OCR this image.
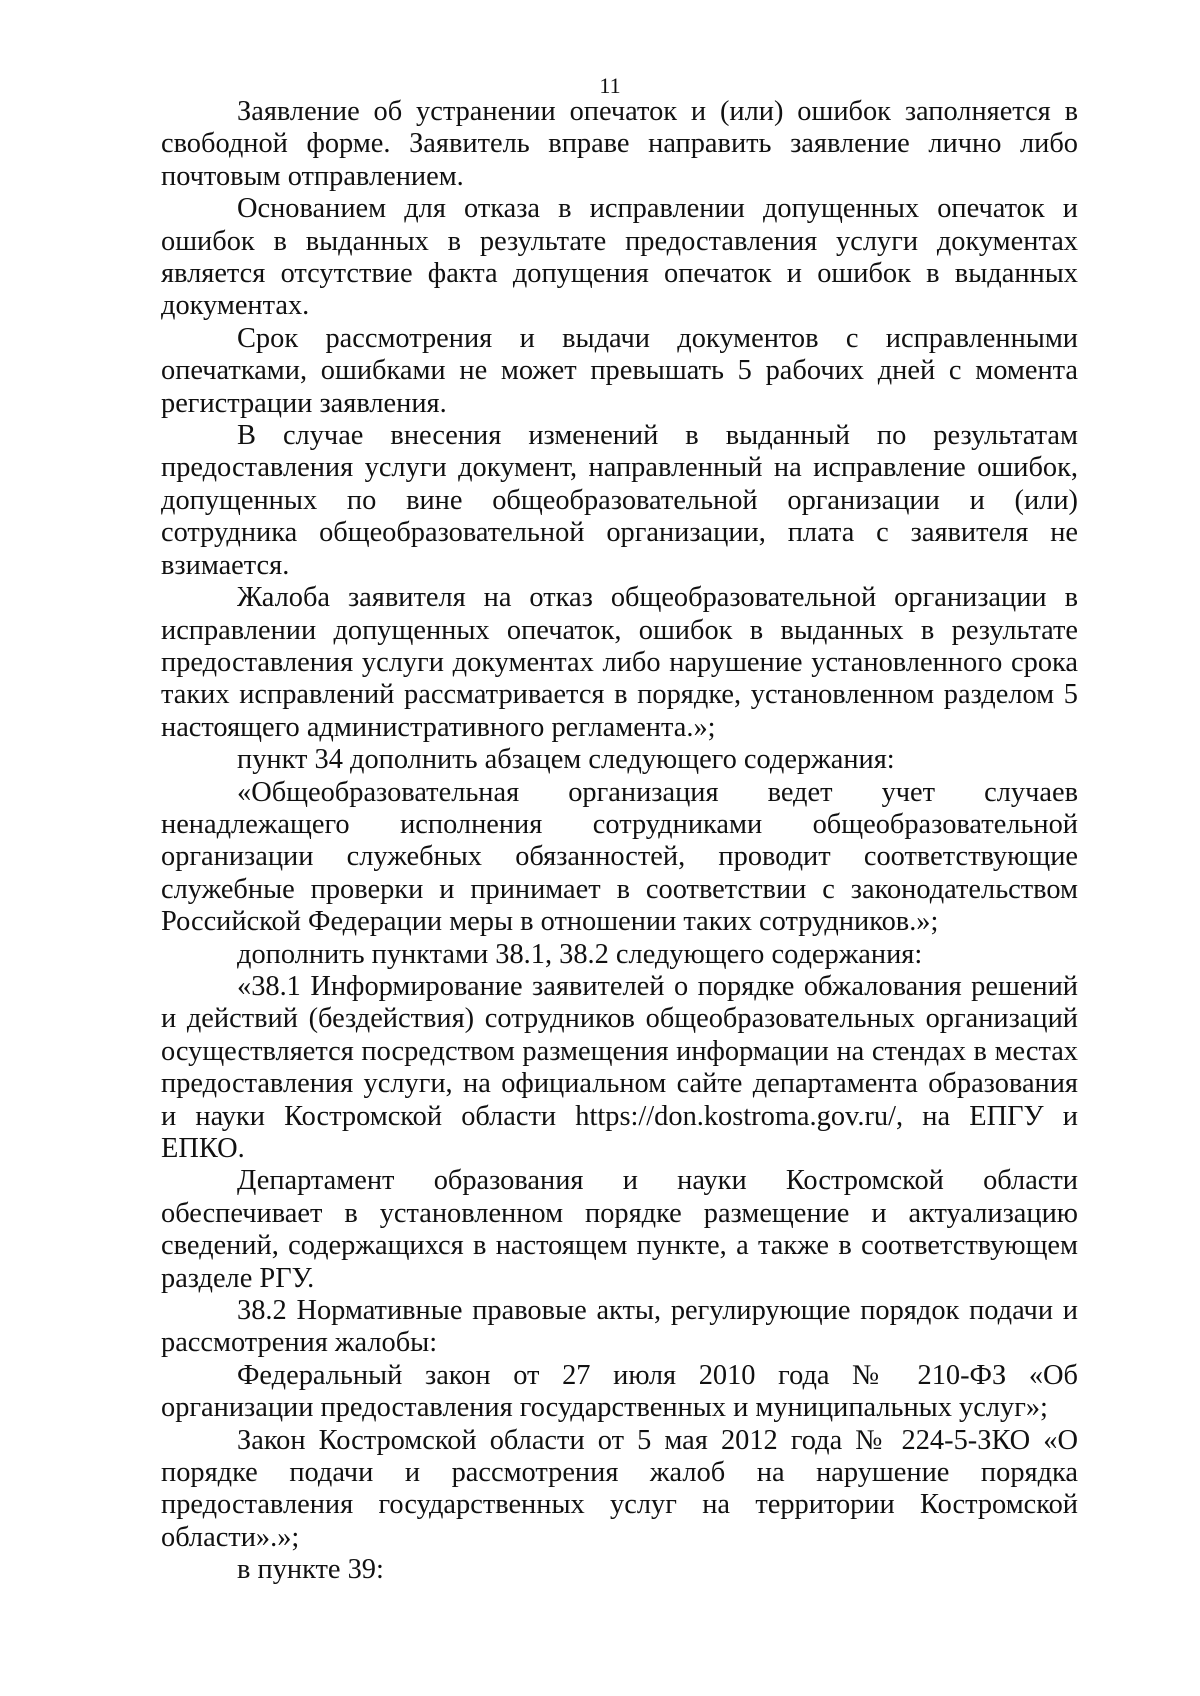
11

Заявление об устранении опечаток и (или) ошибок заполняется в свободной форме. Заявитель вправе направить заявление лично либо почтовым отправлением.

Основанием для отказа в исправлении допущенных опечаток и ошибок в выданных в результате предоставления услуги документах является отсутствие факта допущения опечаток и ошибок в выданных документах.

Срок рассмотрения и выдачи документов с исправленными опечатками, ошибками не может превышать 5 рабочих дней с момента регистрации заявления.

В случае внесения изменений в выданный по результатам предоставления услуги документ, направленный на исправление ошибок, допущенных по вине общеобразовательной организации и (или) сотрудника общеобразовательной организации, плата с заявителя не взимается.

Жалоба заявителя на отказ общеобразовательной организации в исправлении допущенных опечаток, ошибок в выданных в результате предоставления услуги документах либо нарушение установленного срока таких исправлений рассматривается в порядке, установленном разделом 5 настоящего административного регламента.»;

пункт 34 дополнить абзацем следующего содержания:

«Общеобразовательная организация ведет учет случаев ненадлежащего исполнения сотрудниками общеобразовательной организации служебных обязанностей, проводит соответствующие служебные проверки и принимает в соответствии с законодательством Российской Федерации меры в отношении таких сотрудников.»;

дополнить пунктами 38.1, 38.2 следующего содержания:

«38.1 Информирование заявителей о порядке обжалования решений и действий (бездействия) сотрудников общеобразовательных организаций осуществляется посредством размещения информации на стендах в местах предоставления услуги, на официальном сайте департамента образования и науки Костромской области https://don.kostroma.gov.ru/, на ЕПГУ и ЕПКО.

Департамент образования и науки Костромской области обеспечивает в установленном порядке размещение и актуализацию сведений, содержащихся в настоящем пункте, а также в соответствующем разделе РГУ.

38.2 Нормативные правовые акты, регулирующие порядок подачи и рассмотрения жалобы:

Федеральный закон от 27 июля 2010 года № 210-ФЗ «Об организации предоставления государственных и муниципальных услуг»;

Закон Костромской области от 5 мая 2012 года № 224-5-ЗКО «О порядке подачи и рассмотрения жалоб на нарушение порядка предоставления государственных услуг на территории Костромской области».»;

в пункте 39:
